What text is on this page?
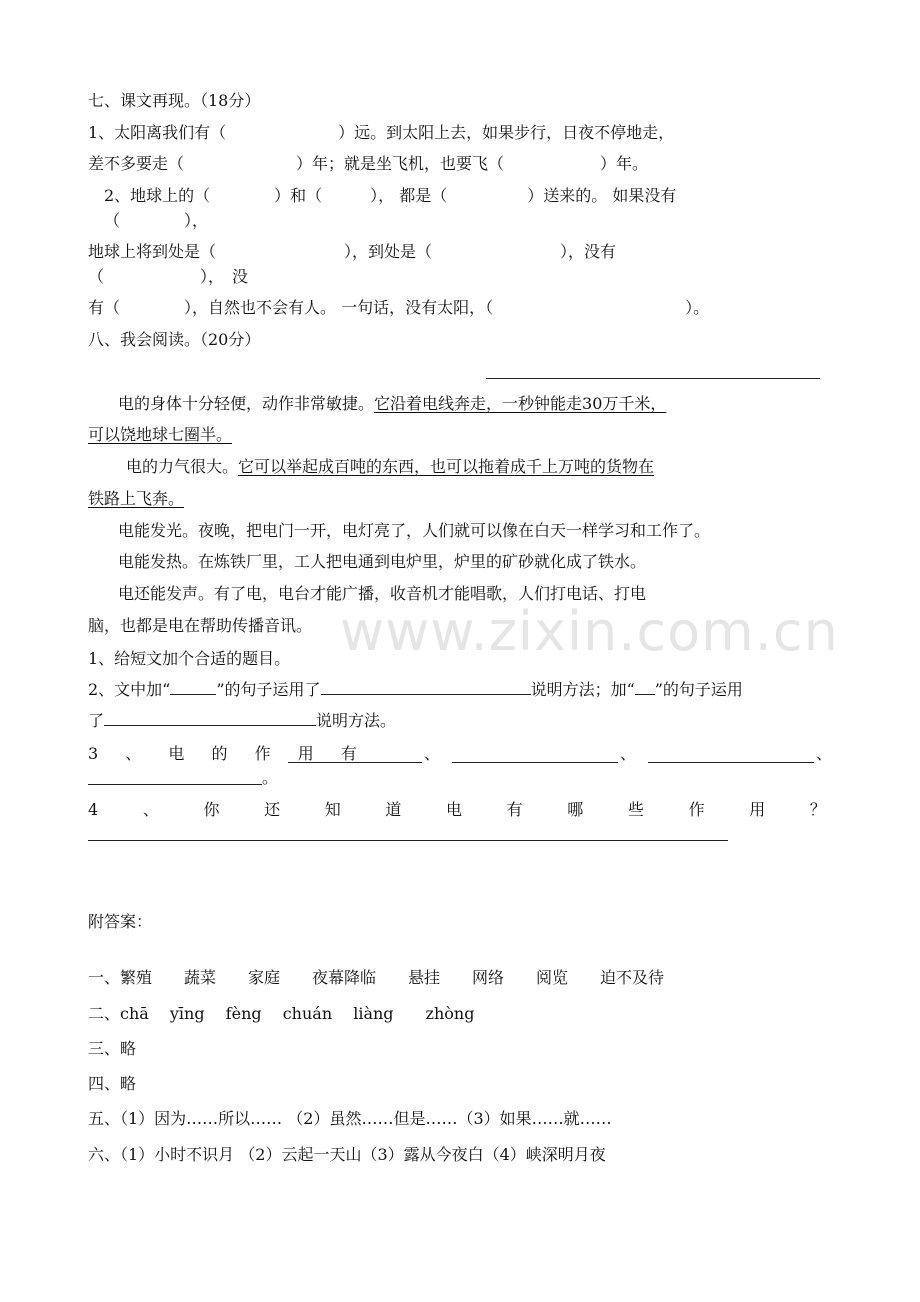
七、课文再现。（18分）
1、太阳离我们有（　　　　　　　）远。到太阳上去，如果步行，日夜不停地走，
差不多要走（　　　　　　　）年；就是坐飞机，也要飞（　　　　　　）年。
2、地球上的（　　　　）和（　　　）， 都是（　　　　　）送来的。 如果没有
（　　　　），
地球上将到处是（　　　　　　　　），到处是（　　　　　　　　），没有
（　　　　　　），　没
有（　　　　），自然也不会有人。 一句话，没有太阳，（　　　　　　　　　　　　）。
八、我会阅读。（20分）
电的身体十分轻便，动作非常敏捷。它沿着电线奔走，一秒钟能走30万千米，
可以饶地球七圈半。
电的力气很大。它可以举起成百吨的东西，也可以拖着成千上万吨的货物在
铁路上飞奔。
电能发光。夜晚，把电门一开，电灯亮了，人们就可以像在白天一样学习和工作了。
电能发热。在炼铁厂里，工人把电通到电炉里，炉里的矿砂就化成了铁水。
电还能发声。有了电，电台才能广播，收音机才能唱歌，人们打电话、打电
脑，也都是电在帮助传播音讯。 www.zixin.com.cn
1、给短文加个合适的题目。
2、文中加“	”的句子运用了	说明方法；加“ ”的句子运用
了	说明方法。
3 、 电 的 作 用 有	、	、	、
。
4	、	你	还	知	道	电	有	哪	些	作	用	？
附答案：
一、繁殖　　蔬菜　　家庭　　夜幕降临　　悬挂　　网络　　阅览　　迫不及待
二、chā　 yīng　 fèng　 chuán　 liàng　　zhòng
三、略
四、略
五、（1）因为……所以…… （2）虽然……但是……（3）如果……就……
六、（1）小时不识月 （2）云起一天山（3）露从今夜白（4）峡深明月夜
